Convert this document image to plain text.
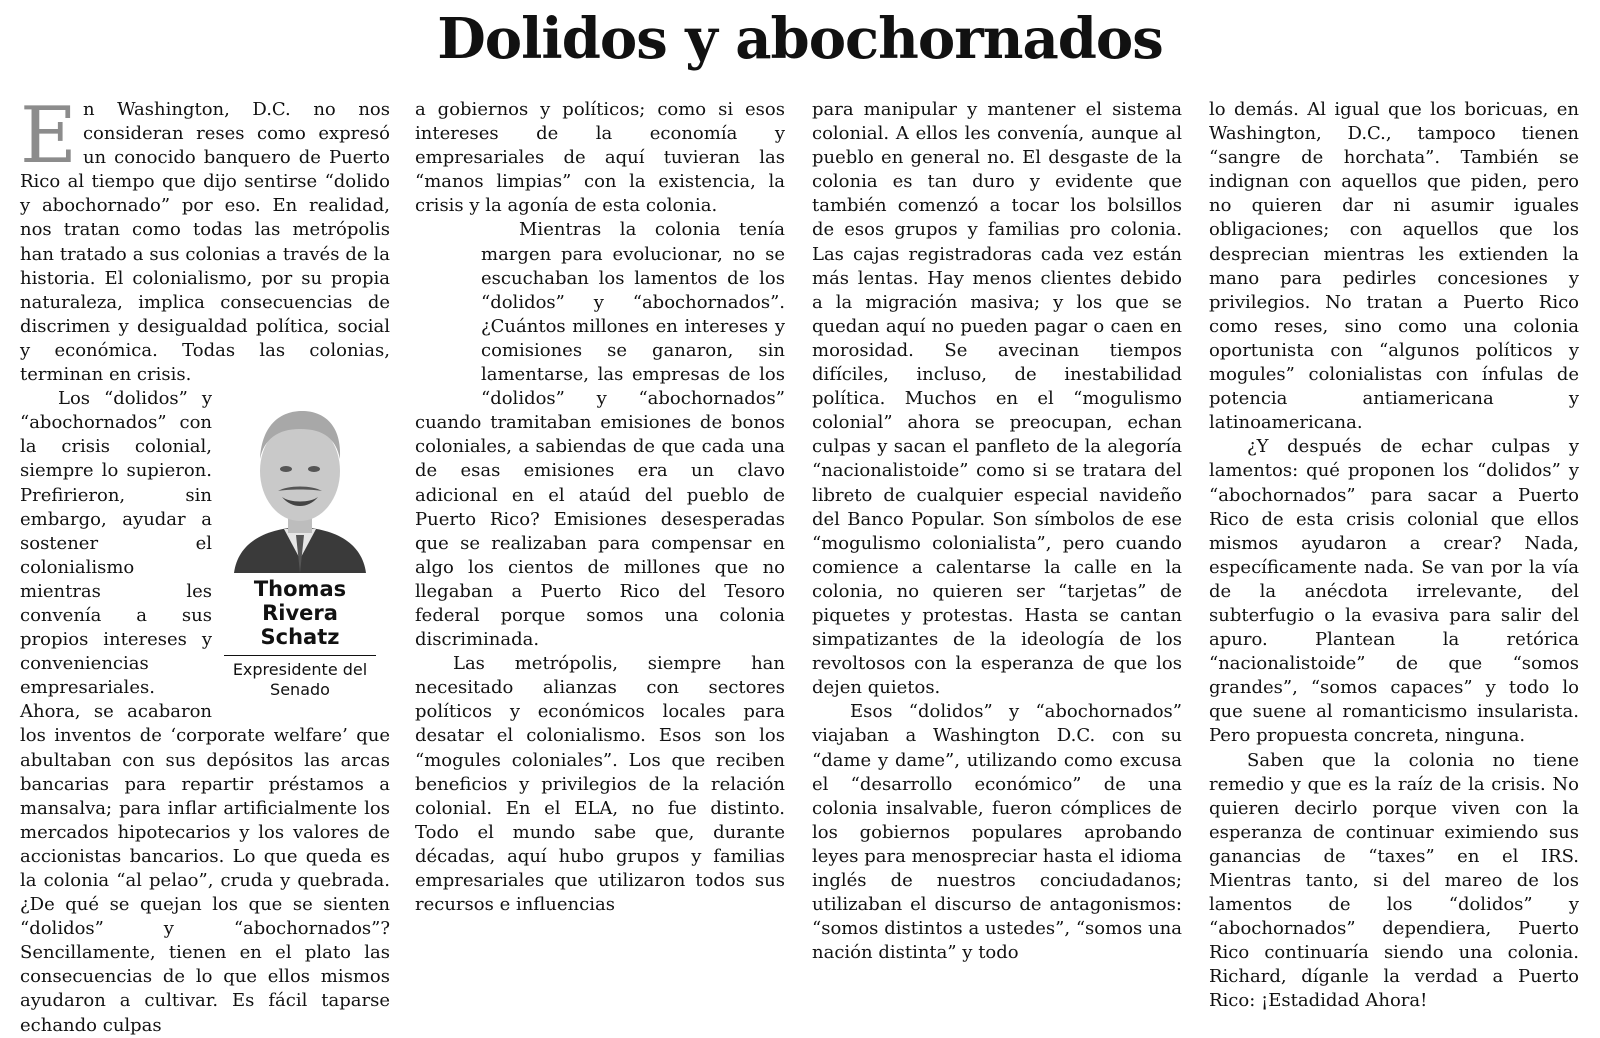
Dolidos y abochornados

E n Washington, D.C. no nos consideran reses como expresó un conocido banquero de Puerto Rico al tiempo que dijo sentirse “dolido y abochornado” por eso. En realidad, nos tratan como todas las metrópolis han tratado a sus colonias a través de la historia. El colonialismo, por su propia naturaleza, implica consecuencias de discrimen y desigualdad política, social y económica. Todas las colonias, terminan en crisis.

Thomas Rivera Schatz
Expresidente del Senado

Los “dolidos” y “abochornados” con la crisis colonial, siempre lo supieron. Prefirieron, sin embargo, ayudar a sostener el colonialismo mientras les convenía a sus propios intereses y conveniencias empresariales. Ahora, se acabaron los inventos de ‘corporate welfare’ que abultaban con sus depósitos las arcas bancarias para repartir préstamos a mansalva; para inflar artificialmente los mercados hipotecarios y los valores de accionistas bancarios. Lo que queda es la colonia “al pelao”, cruda y quebrada. ¿De qué se quejan los que se sienten “dolidos” y “abochornados”? Sencillamente, tienen en el plato las consecuencias de lo que ellos mismos ayudaron a cultivar. Es fácil taparse echando culpas

a gobiernos y políticos; como si esos intereses de la economía y empresariales de aquí tuvieran las “manos limpias” con la existencia, la crisis y la agonía de esta colonia.

Mientras la colonia tenía margen para evolucionar, no se escuchaban los lamentos de los “dolidos” y “abochornados”. ¿Cuántos millones en intereses y comisiones se ganaron, sin lamentarse, las empresas de los “dolidos” y “abochornados” cuando tramitaban emisiones de bonos coloniales, a sabiendas de que cada una de esas emisiones era un clavo adicional en el ataúd del pueblo de Puerto Rico? Emisiones desesperadas que se realizaban para compensar en algo los cientos de millones que no llegaban a Puerto Rico del Tesoro federal porque somos una colonia discriminada.

Las metrópolis, siempre han necesitado alianzas con sectores políticos y económicos locales para desatar el colonialismo. Esos son los “mogules coloniales”. Los que reciben beneficios y privilegios de la relación colonial. En el ELA, no fue distinto. Todo el mundo sabe que, durante décadas, aquí hubo grupos y familias empresariales que utilizaron todos sus recursos e influencias

para manipular y mantener el sistema colonial. A ellos les convenía, aunque al pueblo en general no. El desgaste de la colonia es tan duro y evidente que también comenzó a tocar los bolsillos de esos grupos y familias pro colonia. Las cajas registradoras cada vez están más lentas. Hay menos clientes debido a la migración masiva; y los que se quedan aquí no pueden pagar o caen en morosidad. Se avecinan tiempos difíciles, incluso, de inestabilidad política. Muchos en el “mogulismo colonial” ahora se preocupan, echan culpas y sacan el panfleto de la alegoría “nacionalistoide” como si se tratara del libreto de cualquier especial navideño del Banco Popular. Son símbolos de ese “mogulismo colonialista”, pero cuando comience a calentarse la calle en la colonia, no quieren ser “tarjetas” de piquetes y protestas. Hasta se cantan simpatizantes de la ideología de los revoltosos con la esperanza de que los dejen quietos.

Esos “dolidos” y “abochornados” viajaban a Washington D.C. con su “dame y dame”, utilizando como excusa el “desarrollo económico” de una colonia insalvable, fueron cómplices de los gobiernos populares aprobando leyes para menospreciar hasta el idioma inglés de nuestros conciudadanos; utilizaban el discurso de antagonismos: “somos distintos a ustedes”, “somos una nación distinta” y todo

lo demás. Al igual que los boricuas, en Washington, D.C., tampoco tienen “sangre de horchata”. También se indignan con aquellos que piden, pero no quieren dar ni asumir iguales obligaciones; con aquellos que los desprecian mientras les extienden la mano para pedirles concesiones y privilegios. No tratan a Puerto Rico como reses, sino como una colonia oportunista con “algunos políticos y mogules” colonialistas con ínfulas de potencia antiamericana y latinoamericana.

¿Y después de echar culpas y lamentos: qué proponen los “dolidos” y “abochornados” para sacar a Puerto Rico de esta crisis colonial que ellos mismos ayudaron a crear? Nada, específicamente nada. Se van por la vía de la anécdota irrelevante, del subterfugio o la evasiva para salir del apuro. Plantean la retórica “nacionalistoide” de que “somos grandes”, “somos capaces” y todo lo que suene al romanticismo insularista. Pero propuesta concreta, ninguna.

Saben que la colonia no tiene remedio y que es la raíz de la crisis. No quieren decirlo porque viven con la esperanza de continuar eximiendo sus ganancias de “taxes” en el IRS. Mientras tanto, si del mareo de los lamentos de los “dolidos” y “abochornados” dependiera, Puerto Rico continuaría siendo una colonia. Richard, díganle la verdad a Puerto Rico: ¡Estadidad Ahora!
